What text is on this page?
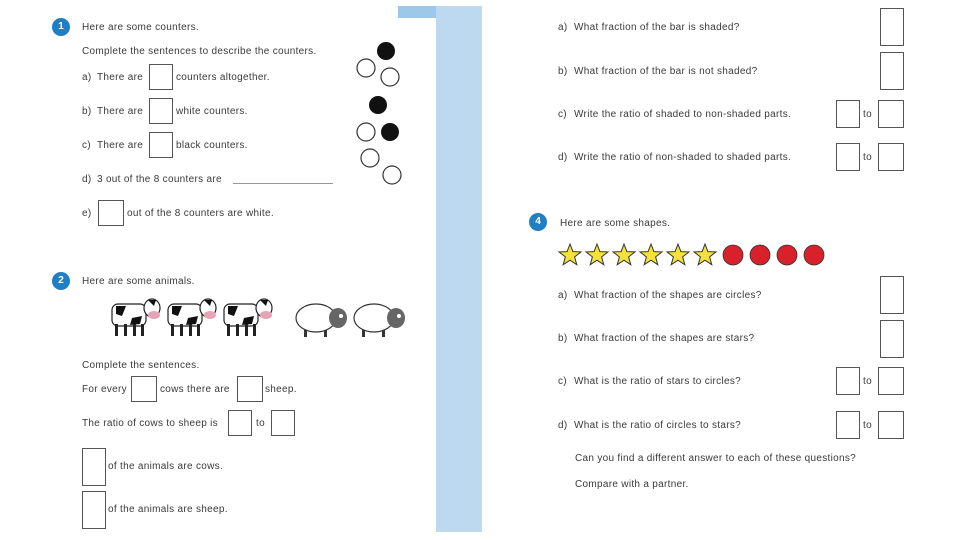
1	Here are some counters.
Complete the sentences to describe the counters.
a) There are	counters altogether.
b) There are	white counters.
c) There are	black counters.
d) 3 out of the 8 counters are
e)	out of the 8 counters are white.
2	Here are some animals.
Complete the sentences.
For every	cows there are	sheep.
The ratio of cows to sheep is	to
of the animals are cows.
of the animals are sheep.
a) What fraction of the bar is shaded?
b) What fraction of the bar is not shaded?
c) Write the ratio of shaded to non-shaded parts.	to
d) Write the ratio of non-shaded to shaded parts.	to
4	Here are some shapes.
a) What fraction of the shapes are circles?
b) What fraction of the shapes are stars?
c) What is the ratio of stars to circles?	to
d) What is the ratio of circles to stars?	to
Can you find a different answer to each of these questions?
Compare with a partner.
